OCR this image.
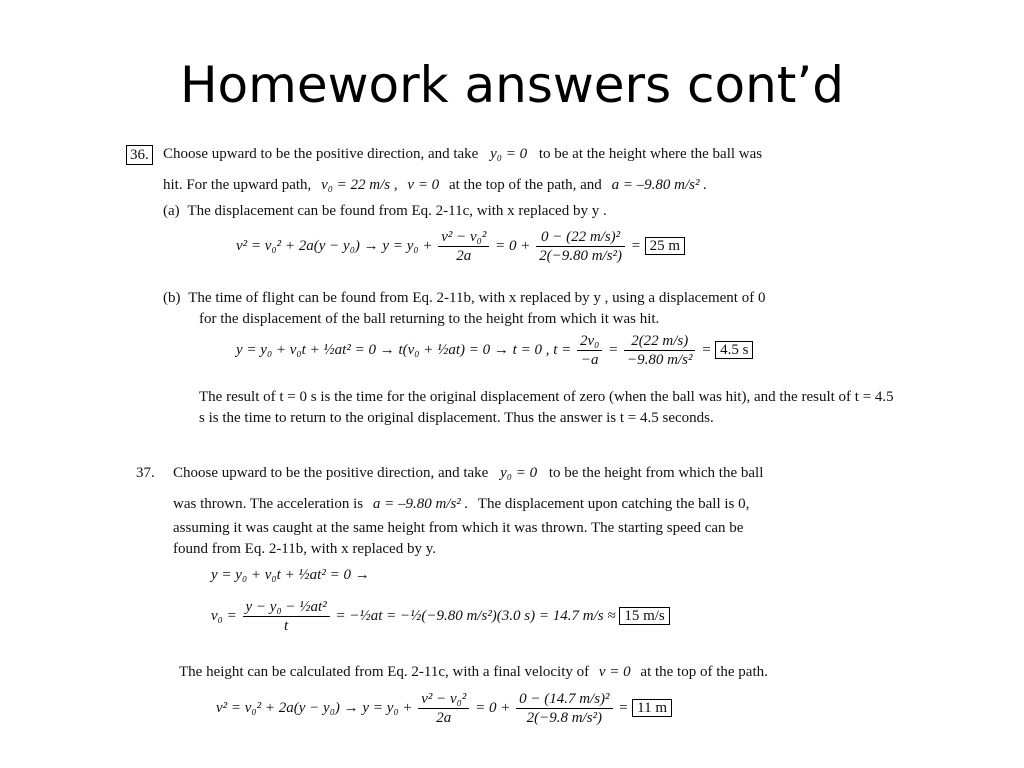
Homework answers cont’d
36. Choose upward to be the positive direction, and take y₀ = 0 to be at the height where the ball was
hit. For the upward path, v₀ = 22 m/s , v = 0 at the top of the path, and a = –9.80 m/s² .
(a) The displacement can be found from Eq. 2-11c, with x replaced by y .
$v^2 = v_0^2 + 2a(y - y_0) \to y = y_0 + \frac{\text{v² − v₀²}}{2a} = 0 + \frac{\text{0 − (22 m/s)²}}{\text{2(−9.80 m/s²)}} = 25$ m
(b) The time of flight can be found from Eq. 2-11b, with x replaced by y , using a displacement of 0
for the displacement of the ball returning to the height from which it was hit.
y = y₀ + v₀t + ½at² = 0 → t(v₀ + ½at) = 0 → t = 0 , $t = \frac{\text{2v₀}}{-a} = \frac{2(22 m/s)}{\text{−9.80 m/s²}} = 4.5$ s
The result of t = 0 s is the time for the original displacement of zero (when the ball was hit), and the result of t = 4.5 s is the time to return to the original displacement. Thus the answer is t = 4.5 seconds.
37. Choose upward to be the positive direction, and take y₀ = 0 to be the height from which the ball
was thrown. The acceleration is a = –9.80 m/s² . The displacement upon catching the ball is 0,
assuming it was caught at the same height from which it was thrown. The starting speed can be
found from Eq. 2-11b, with x replaced by y.
y = y₀ + v₀t + ½at² = 0 →
$v_0 = \frac{\text{y − y₀ − ½at²}}{t}$ = −½at = −½(−9.80 m/s²)(3.0 s) = 14.7 m/s ≈ 15 m/s
The height can be calculated from Eq. 2-11c, with a final velocity of v = 0 at the top of the path.
$v^2 = v_0^2 + 2a(y - y_0) \to y = y_0 + \frac{\text{v² − v₀²}}{2a} = 0 + \frac{\text{0 − (14.7 m/s)²}}{\text{2(−9.8 m/s²)}} = 11$ m
